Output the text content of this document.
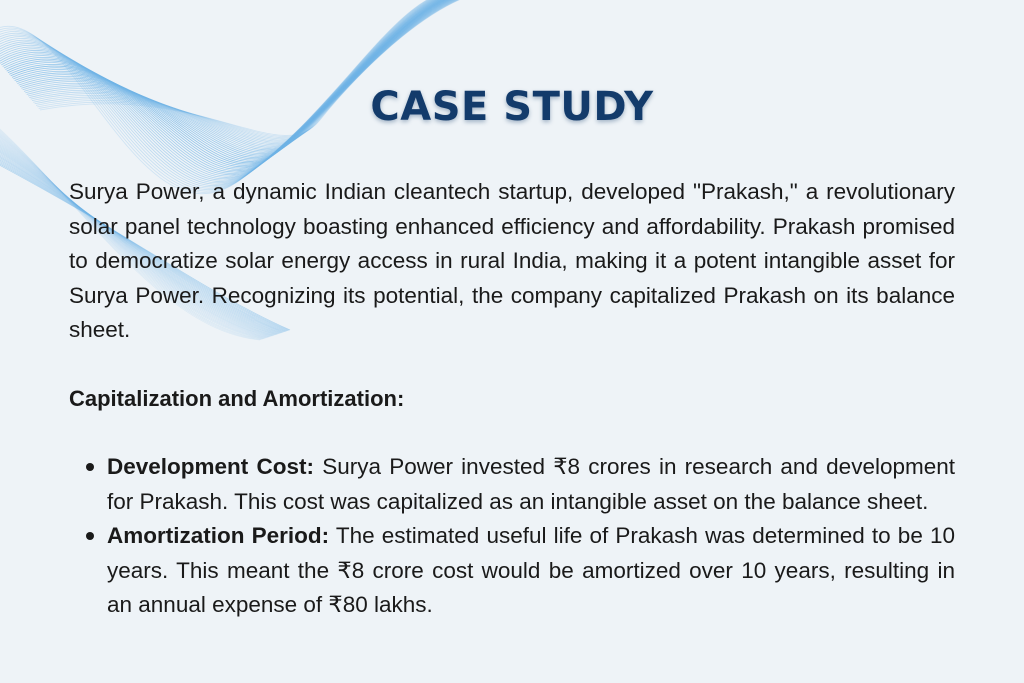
CASE STUDY

Surya Power, a dynamic Indian cleantech startup, developed "Prakash," a revolutionary solar panel technology boasting enhanced efficiency and affordability. Prakash promised to democratize solar energy access in rural India, making it a potent intangible asset for Surya Power. Recognizing its potential, the company capitalized Prakash on its balance sheet.

Capitalization and Amortization:

Development Cost: Surya Power invested ₹8 crores in research and development for Prakash. This cost was capitalized as an intangible asset on the balance sheet.
Amortization Period: The estimated useful life of Prakash was determined to be 10 years. This meant the ₹8 crore cost would be amortized over 10 years, resulting in an annual expense of ₹80 lakhs.
